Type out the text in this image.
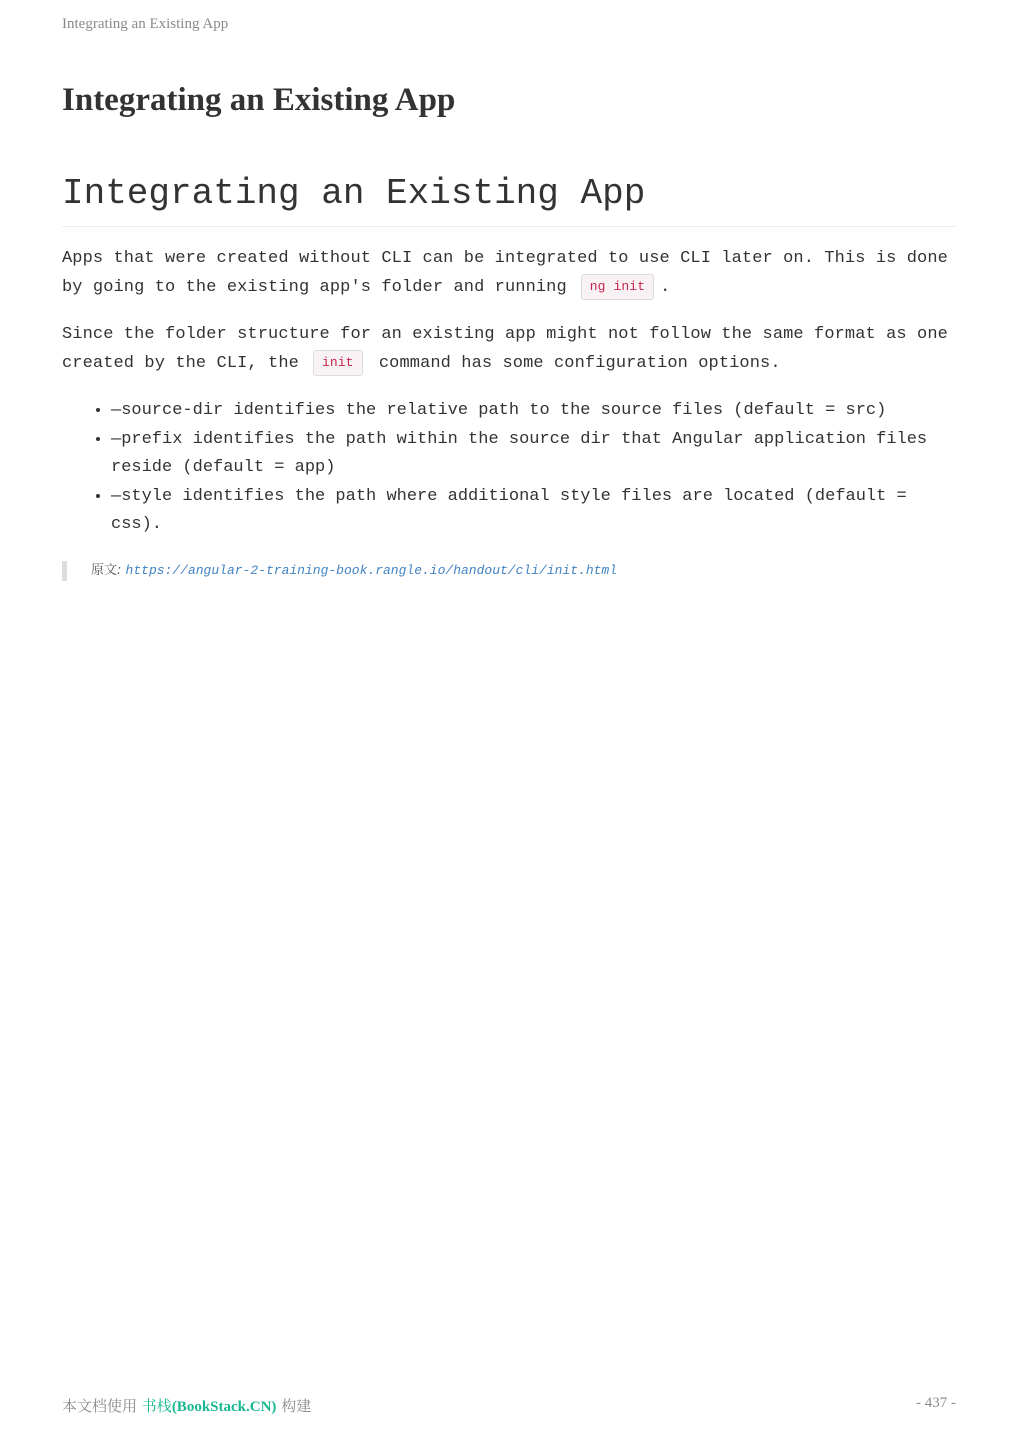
Integrating an Existing App
Integrating an Existing App
Integrating an Existing App

Apps that were created without CLI can be integrated to use CLI later on. This is done by going to the existing app's folder and running ng init .

Since the folder structure for an existing app might not follow the same format as one created by the CLI, the init command has some configuration options.

• —source-dir identifies the relative path to the source files (default = src)
• —prefix identifies the path within the source dir that Angular application files reside (default = app)
• —style identifies the path where additional style files are located (default = css).
原文: https://angular-2-training-book.rangle.io/handout/cli/init.html
本文档使用 书栈(BookStack.CN) 构建	- 437 -
